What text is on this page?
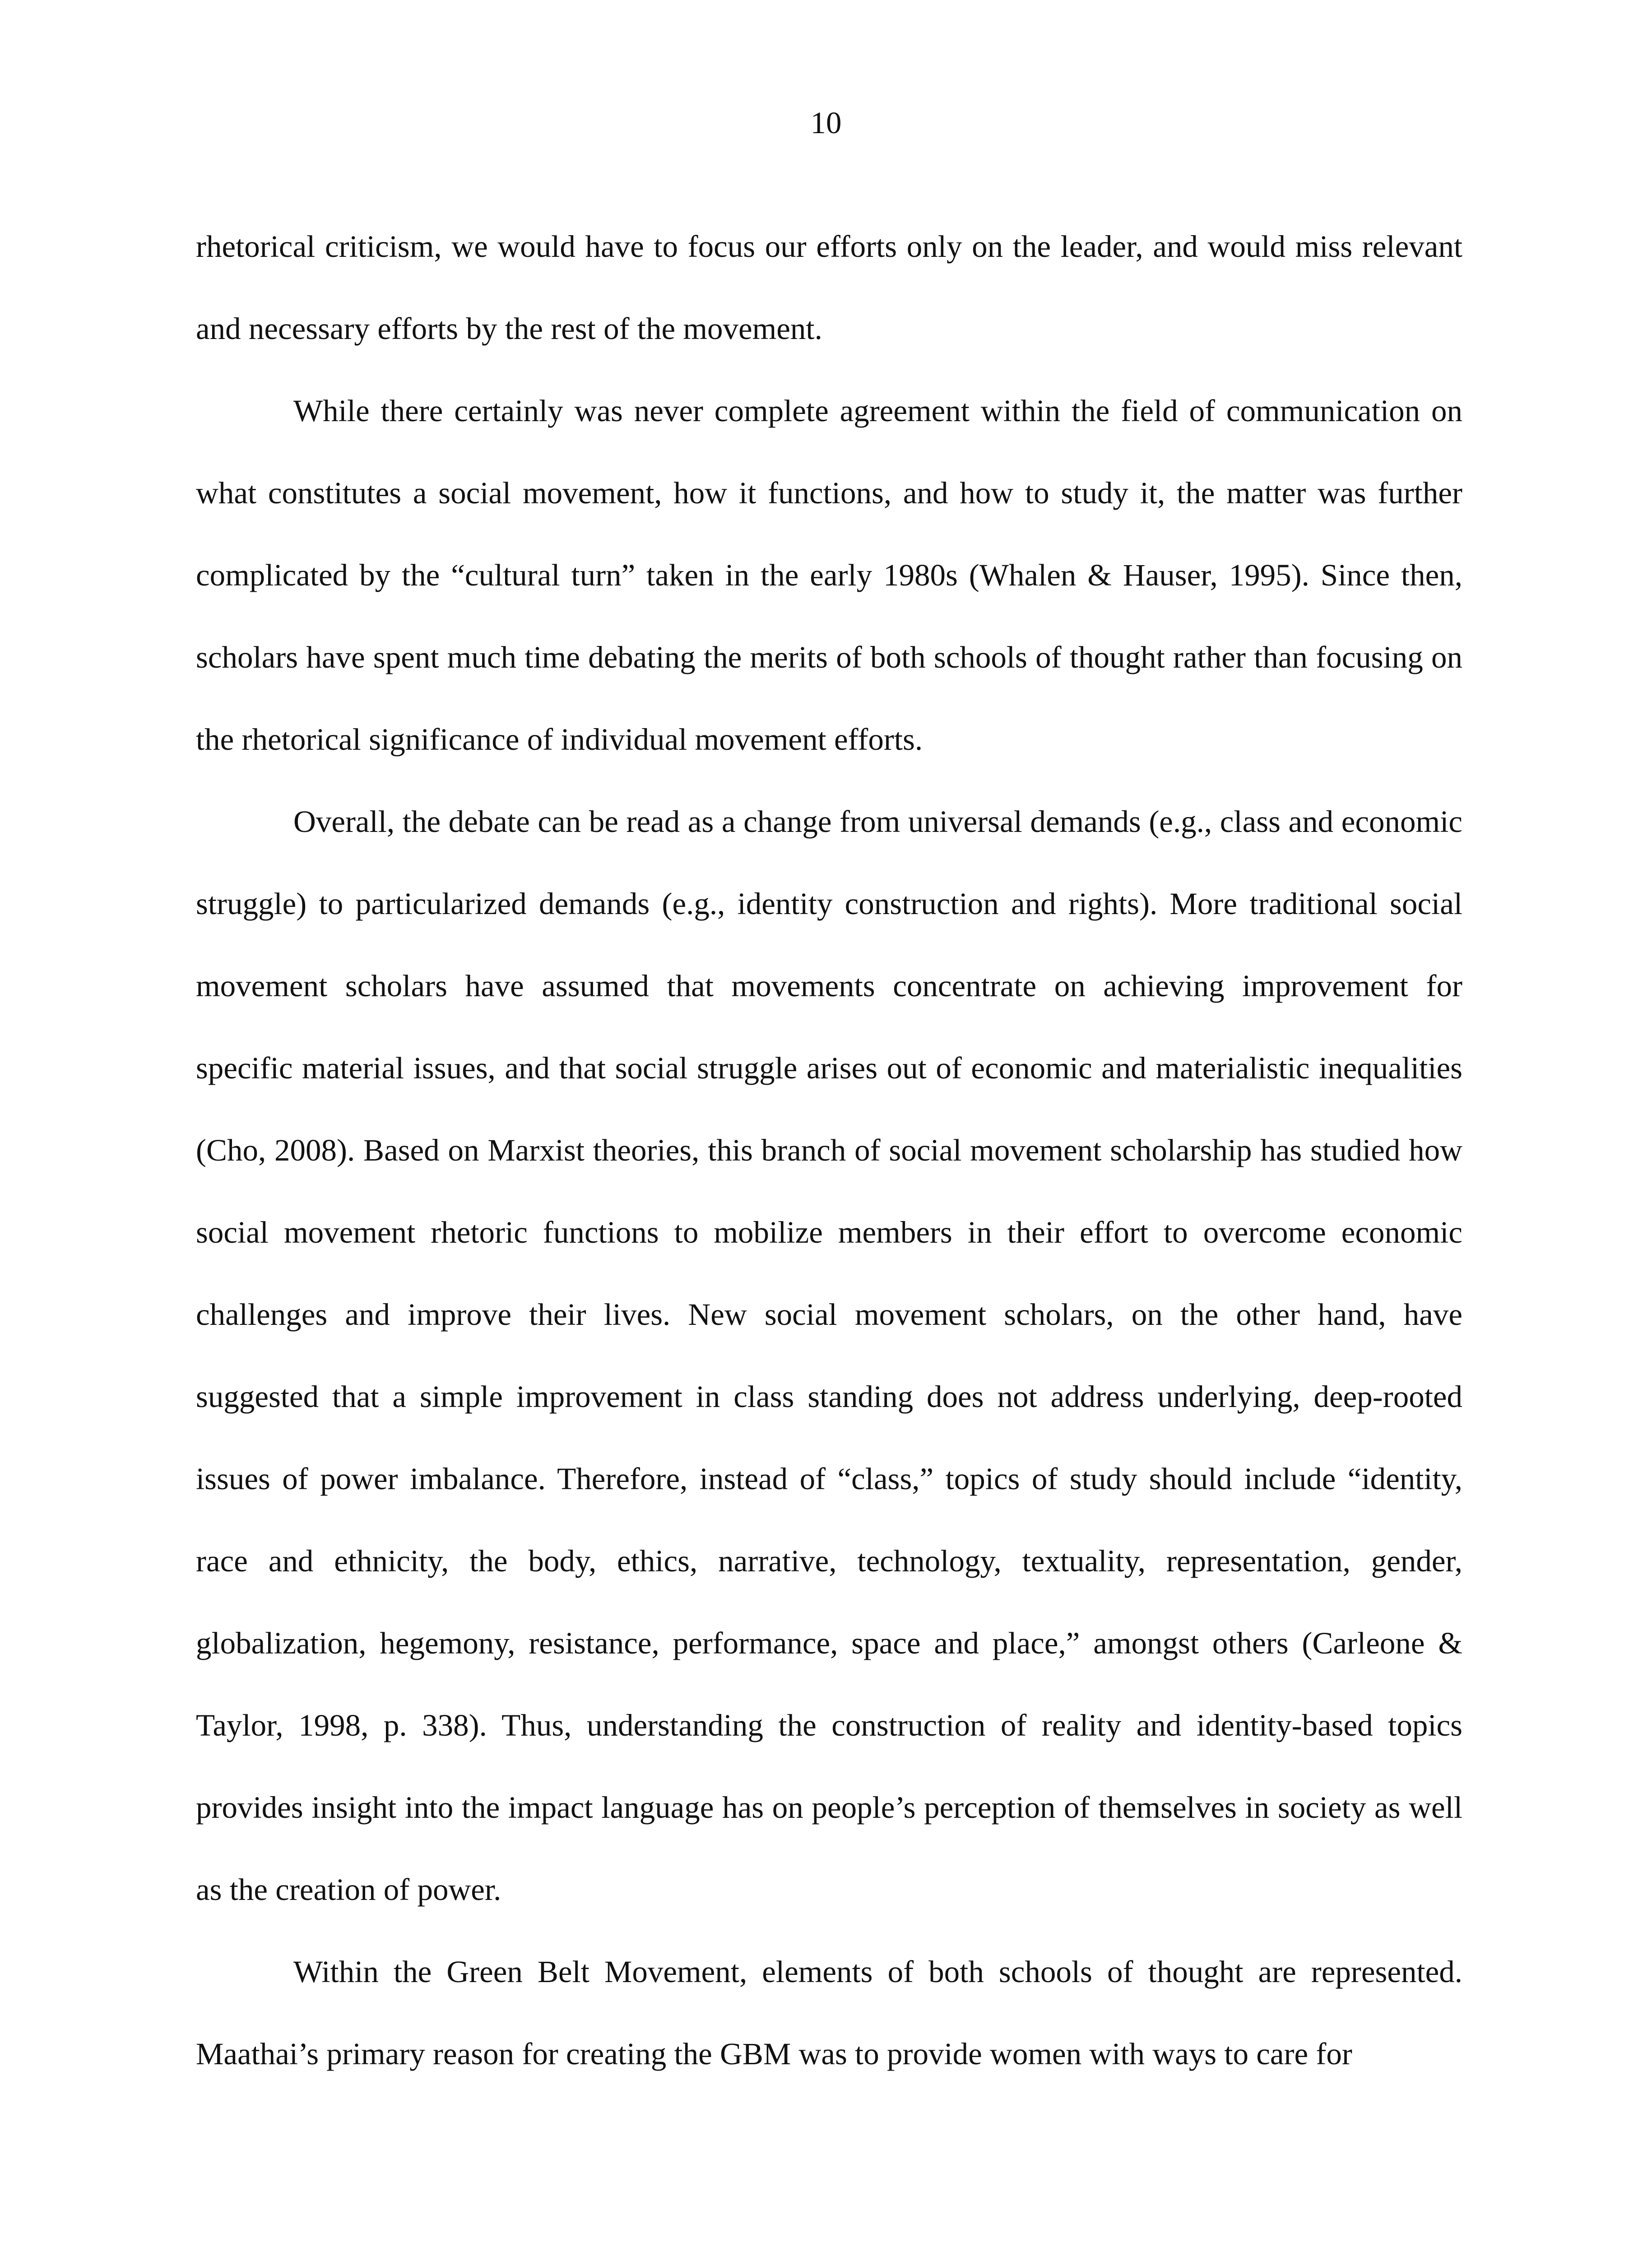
10

rhetorical criticism, we would have to focus our efforts only on the leader, and would miss relevant and necessary efforts by the rest of the movement.

While there certainly was never complete agreement within the field of communication on what constitutes a social movement, how it functions, and how to study it, the matter was further complicated by the “cultural turn” taken in the early 1980s (Whalen & Hauser, 1995). Since then, scholars have spent much time debating the merits of both schools of thought rather than focusing on the rhetorical significance of individual movement efforts.

Overall, the debate can be read as a change from universal demands (e.g., class and economic struggle) to particularized demands (e.g., identity construction and rights). More traditional social movement scholars have assumed that movements concentrate on achieving improvement for specific material issues, and that social struggle arises out of economic and materialistic inequalities (Cho, 2008). Based on Marxist theories, this branch of social movement scholarship has studied how social movement rhetoric functions to mobilize members in their effort to overcome economic challenges and improve their lives. New social movement scholars, on the other hand, have suggested that a simple improvement in class standing does not address underlying, deep-rooted issues of power imbalance. Therefore, instead of “class,” topics of study should include “identity, race and ethnicity, the body, ethics, narrative, technology, textuality, representation, gender, globalization, hegemony, resistance, performance, space and place,” amongst others (Carleone & Taylor, 1998, p. 338). Thus, understanding the construction of reality and identity-based topics provides insight into the impact language has on people’s perception of themselves in society as well as the creation of power.

Within the Green Belt Movement, elements of both schools of thought are represented. Maathai’s primary reason for creating the GBM was to provide women with ways to care for
